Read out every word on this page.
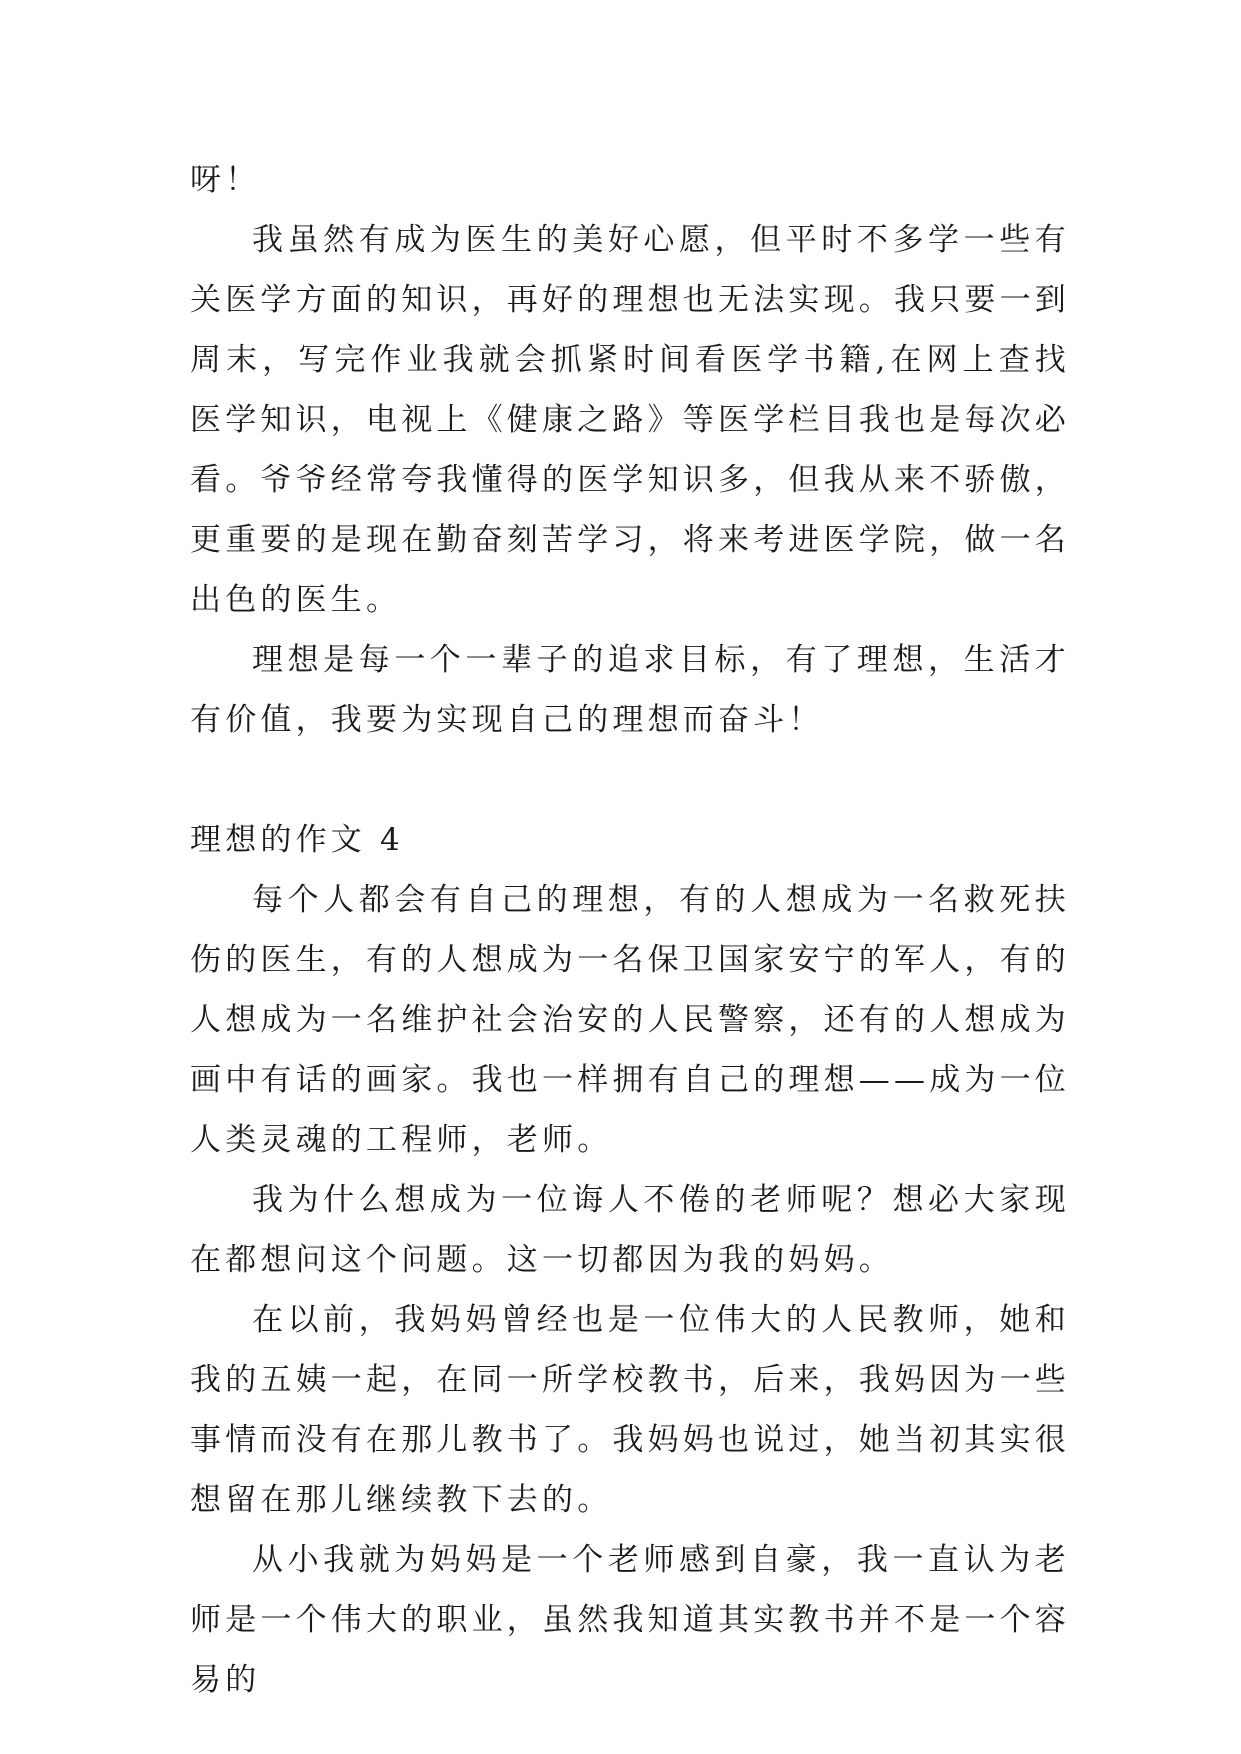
呀！

我虽然有成为医生的美好心愿，但平时不多学一些有关医学方面的知识，再好的理想也无法实现。我只要一到周末，写完作业我就会抓紧时间看医学书籍,在网上查找医学知识，电视上《健康之路》等医学栏目我也是每次必看。爷爷经常夸我懂得的医学知识多，但我从来不骄傲，更重要的是现在勤奋刻苦学习，将来考进医学院，做一名出色的医生。

理想是每一个一辈子的追求目标，有了理想，生活才有价值，我要为实现自己的理想而奋斗！

理想的作文 4

每个人都会有自己的理想，有的人想成为一名救死扶伤的医生，有的人想成为一名保卫国家安宁的军人，有的人想成为一名维护社会治安的人民警察，还有的人想成为画中有话的画家。我也一样拥有自己的理想——成为一位人类灵魂的工程师，老师。

我为什么想成为一位诲人不倦的老师呢？想必大家现在都想问这个问题。这一切都因为我的妈妈。

在以前，我妈妈曾经也是一位伟大的人民教师，她和我的五姨一起，在同一所学校教书，后来，我妈因为一些事情而没有在那儿教书了。我妈妈也说过，她当初其实很想留在那儿继续教下去的。

从小我就为妈妈是一个老师感到自豪，我一直认为老师是一个伟大的职业，虽然我知道其实教书并不是一个容易的
